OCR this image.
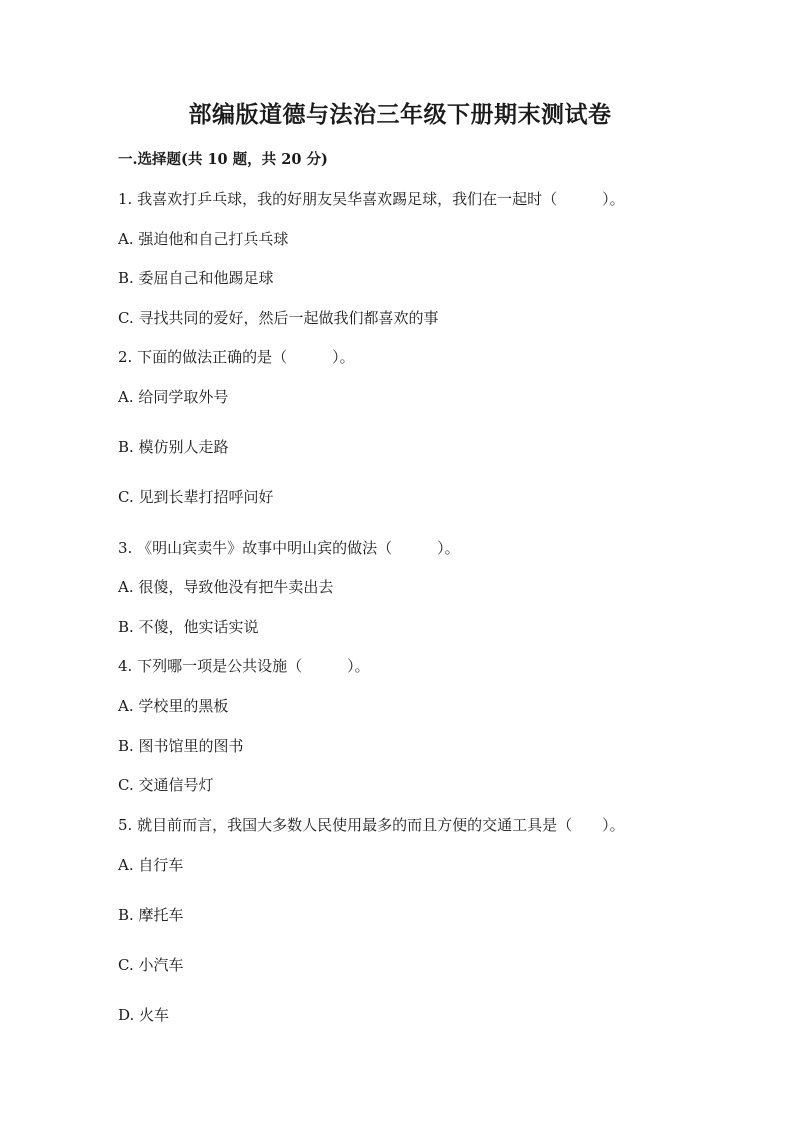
部编版道德与法治三年级下册期末测试卷
一.选择题(共 10 题，共 20 分)
1. 我喜欢打乒乓球，我的好朋友吴华喜欢踢足球，我们在一起时（　　　）。
A. 强迫他和自己打兵乓球
B. 委屈自己和他踢足球
C. 寻找共同的爱好，然后一起做我们都喜欢的事
2. 下面的做法正确的是（　　　）。
A. 给同学取外号
B. 模仿别人走路
C. 见到长辈打招呼问好
3. 《明山宾卖牛》故事中明山宾的做法（　　　）。
A. 很傻，导致他没有把牛卖出去
B. 不傻，他实话实说
4. 下列哪一项是公共设施（　　　）。
A. 学校里的黑板
B. 图书馆里的图书
C. 交通信号灯
5. 就目前而言，我国大多数人民使用最多的而且方便的交通工具是（　　）。
A. 自行车
B. 摩托车
C. 小汽车
D. 火车
